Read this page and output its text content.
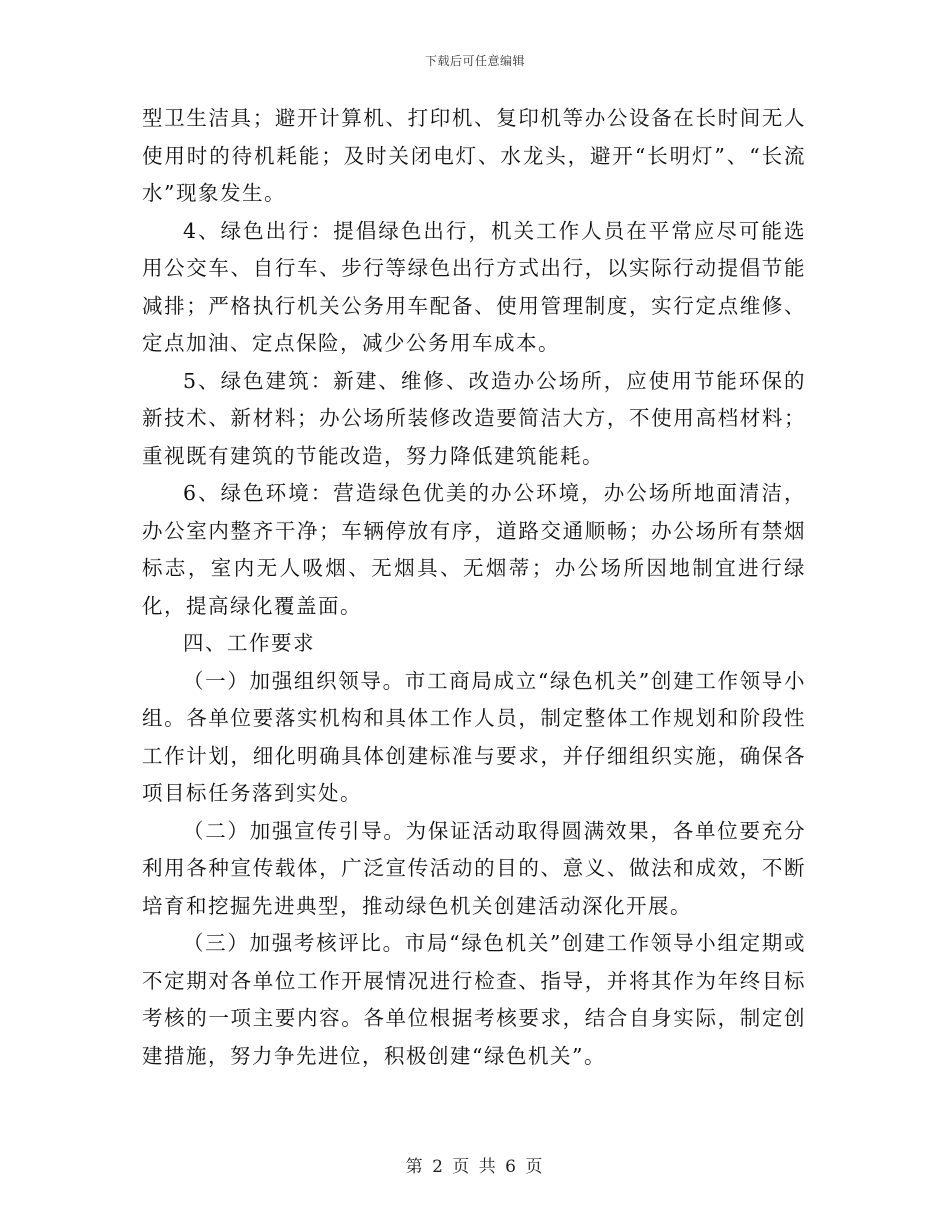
下载后可任意编辑

型卫生洁具；避开计算机、打印机、复印机等办公设备在长时间无人使用时的待机耗能；及时关闭电灯、水龙头，避开“长明灯”、“长流水”现象发生。

4、绿色出行：提倡绿色出行，机关工作人员在平常应尽可能选用公交车、自行车、步行等绿色出行方式出行，以实际行动提倡节能减排；严格执行机关公务用车配备、使用管理制度，实行定点维修、定点加油、定点保险，减少公务用车成本。

5、绿色建筑：新建、维修、改造办公场所，应使用节能环保的新技术、新材料；办公场所装修改造要简洁大方，不使用高档材料；重视既有建筑的节能改造，努力降低建筑能耗。

6、绿色环境：营造绿色优美的办公环境，办公场所地面清洁，办公室内整齐干净；车辆停放有序，道路交通顺畅；办公场所有禁烟标志，室内无人吸烟、无烟具、无烟蒂；办公场所因地制宜进行绿化，提高绿化覆盖面。

四、工作要求

（一）加强组织领导。市工商局成立“绿色机关”创建工作领导小组。各单位要落实机构和具体工作人员，制定整体工作规划和阶段性工作计划，细化明确具体创建标准与要求，并仔细组织实施，确保各项目标任务落到实处。

（二）加强宣传引导。为保证活动取得圆满效果，各单位要充分利用各种宣传载体，广泛宣传活动的目的、意义、做法和成效，不断培育和挖掘先进典型，推动绿色机关创建活动深化开展。

（三）加强考核评比。市局“绿色机关”创建工作领导小组定期或不定期对各单位工作开展情况进行检查、指导，并将其作为年终目标考核的一项主要内容。各单位根据考核要求，结合自身实际，制定创建措施，努力争先进位，积极创建“绿色机关”。

第 2 页 共 6 页
